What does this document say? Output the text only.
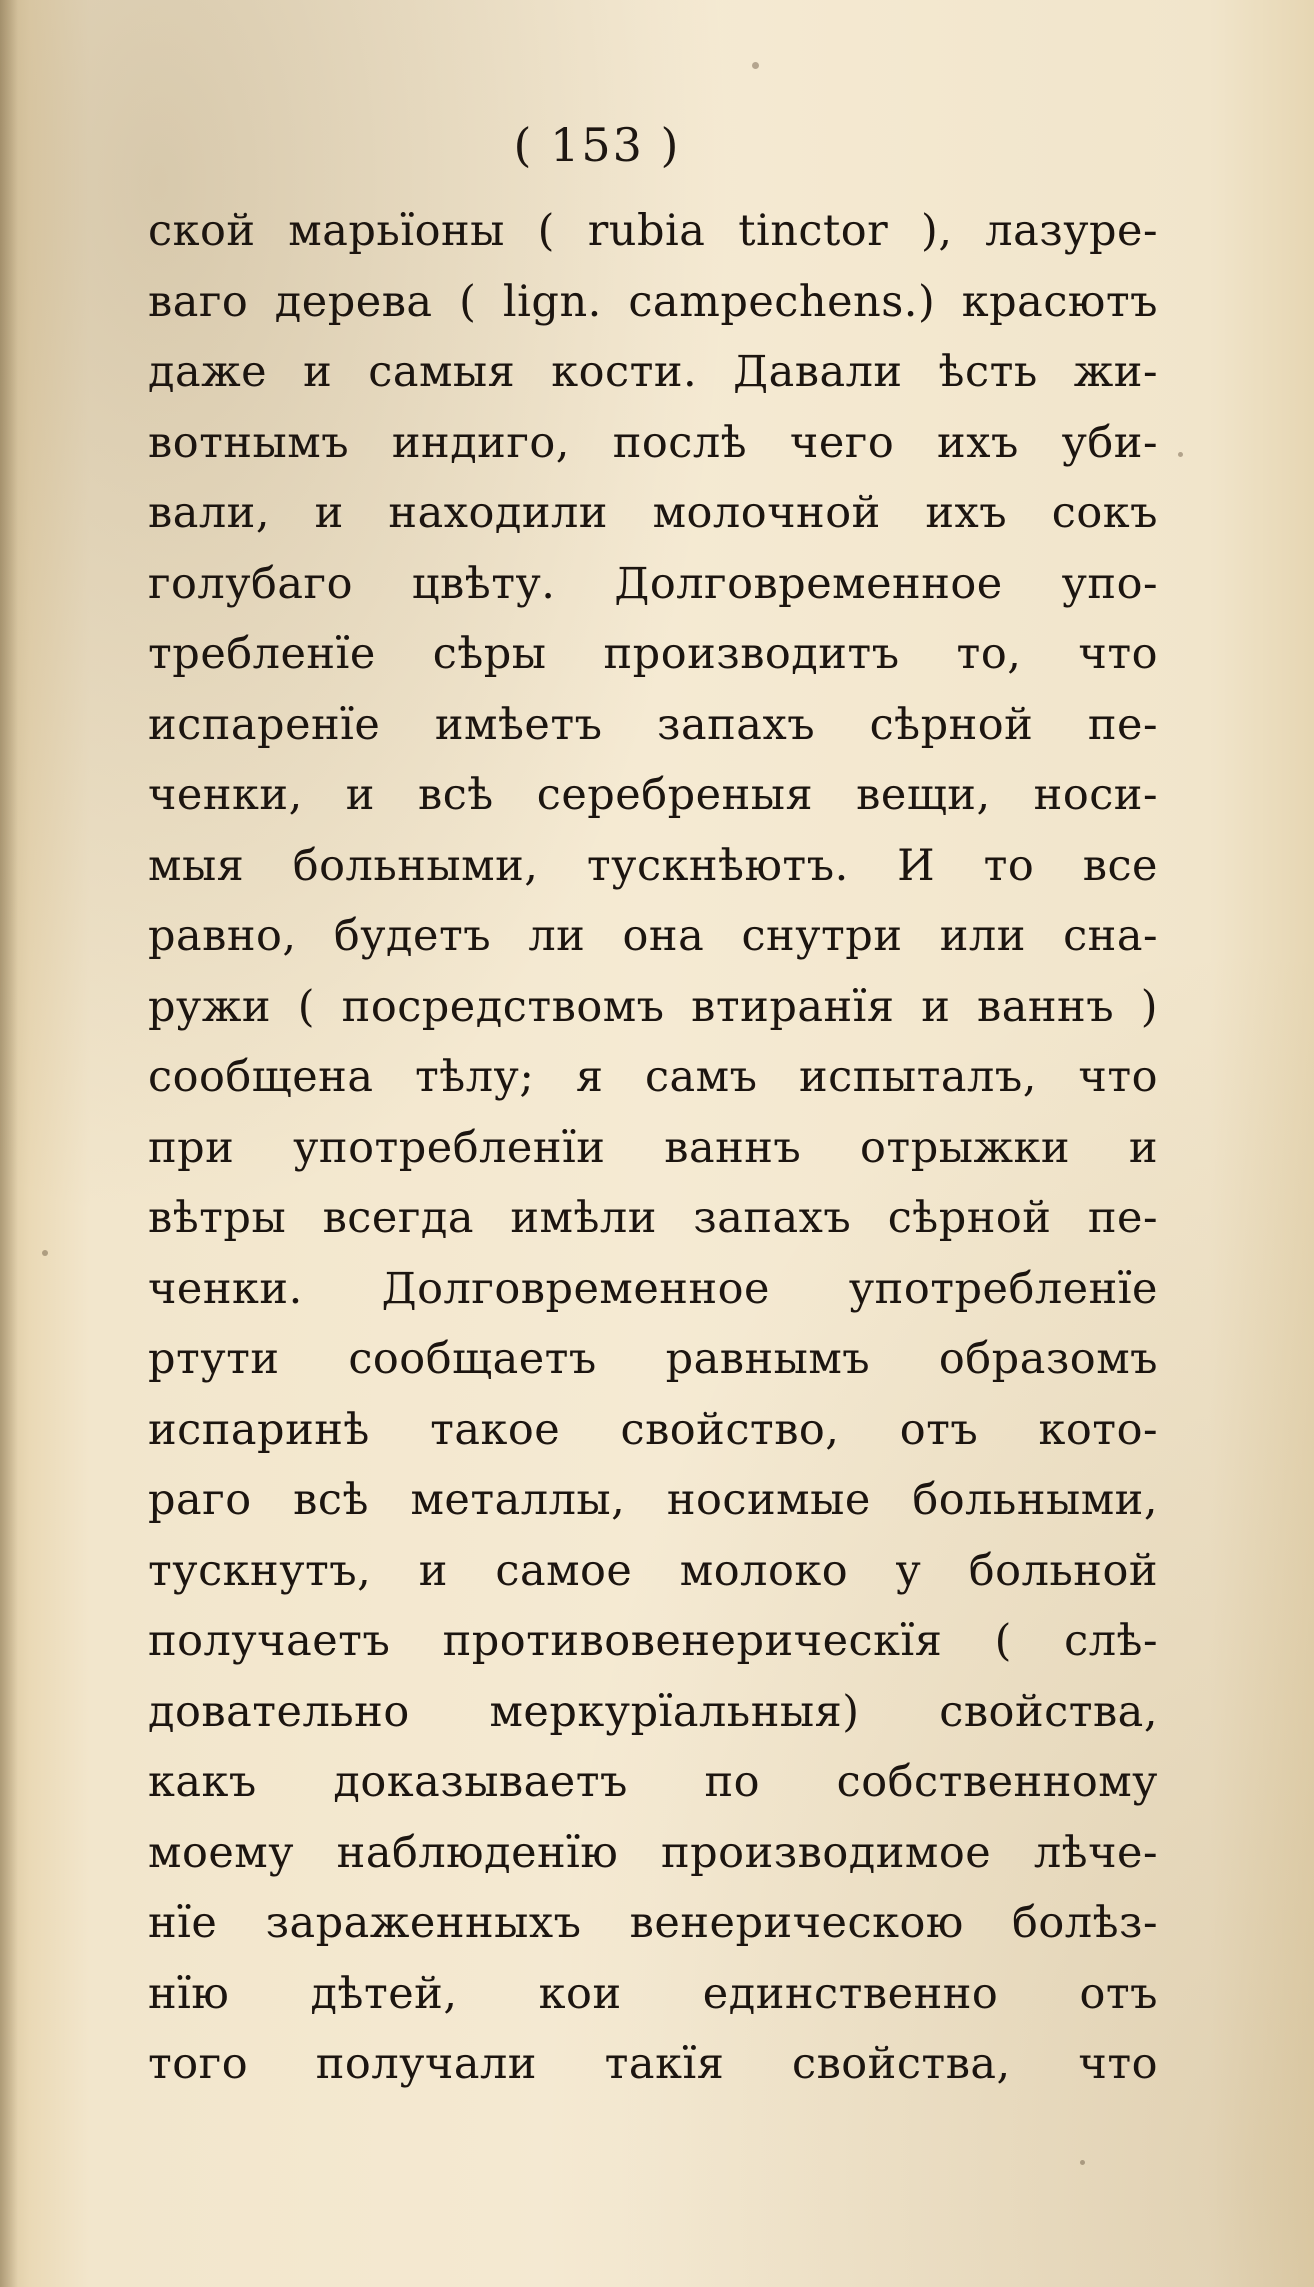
( 153 )
ской марьїоны ( rubia tinctor ), лазуре-
ваго дерева ( lign. campechens.) красютъ
даже и самыя кости. Давали ѣсть жи-
вотнымъ индиго, послѣ чего ихъ уби-
вали, и находили молочной ихъ сокъ
голубаго цвѣту. Долговременное упо-
требленїе сѣры производитъ то, что
испаренїе имѣетъ запахъ сѣрной пе-
ченки, и всѣ серебреныя вещи, носи-
мыя больными, тускнѣютъ. И то все
равно, будетъ ли она снутри или сна-
ружи ( посредствомъ втиранїя и ваннъ )
сообщена тѣлу; я самъ испыталъ, что
при употребленїи ваннъ отрыжки и
вѣтры всегда имѣли запахъ сѣрной пе-
ченки. Долговременное употребленїе
ртути сообщаетъ равнымъ образомъ
испаринѣ такое свойство, отъ кото-
раго всѣ металлы, носимые больными,
тускнутъ, и самое молоко у больной
получаетъ противовенерическїя ( слѣ-
довательно меркурїальныя) свойства,
какъ доказываетъ по собственному
моему наблюденїю производимое лѣче-
нїе зараженныхъ венерическою болѣз-
нїю дѣтей, кои единственно отъ
того получали такїя свойства, что
